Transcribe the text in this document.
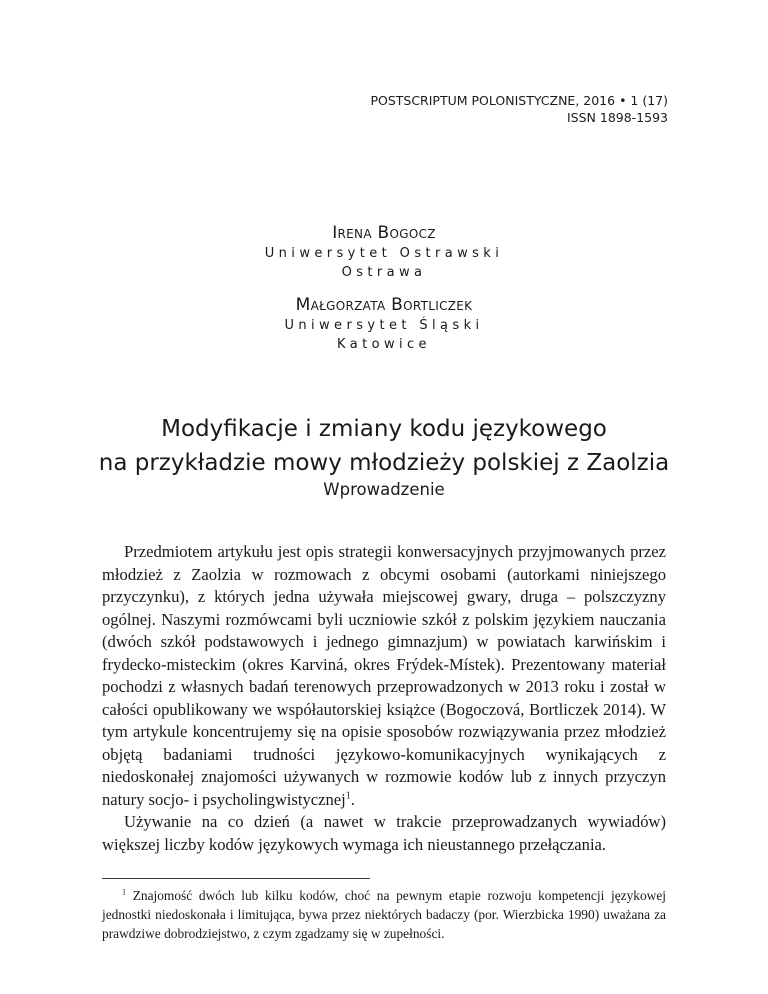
POSTSCRIPTUM POLONISTYCZNE, 2016 • 1 (17)
ISSN 1898-1593
Irena Bogocz
Uniwersytet Ostrawski
Ostrawa
Małgorzata Bortliczek
Uniwersytet Śląski
Katowice
Modyfikacje i zmiany kodu językowego
na przykładzie mowy młodzieży polskiej z Zaolzia
Wprowadzenie

Przedmiotem artykułu jest opis strategii konwersacyjnych przyjmowanych przez młodzież z Zaolzia w rozmowach z obcymi osobami (autorkami niniejszego przyczynku), z których jedna używała miejscowej gwary, druga – polszczyzny ogólnej. Naszymi rozmówcami byli uczniowie szkół z polskim językiem nauczania (dwóch szkół podstawowych i jednego gimnazjum) w powiatach karwińskim i frydecko-misteckim (okres Karviná, okres Frýdek-Místek). Prezentowany materiał pochodzi z własnych badań terenowych przeprowadzonych w 2013 roku i został w całości opublikowany we współautorskiej książce (Bogoczová, Bortliczek 2014). W tym artykule koncentrujemy się na opisie sposobów rozwiązywania przez młodzież objętą badaniami trudności językowo-komunikacyjnych wynikających z niedoskonałej znajomości używanych w rozmowie kodów lub z innych przyczyn natury socjo- i psycholingwistycznej$^1$.

Używanie na co dzień (a nawet w trakcie przeprowadzanych wywiadów) większej liczby kodów językowych wymaga ich nieustannego przełączania.

$^1$ Znajomość dwóch lub kilku kodów, choć na pewnym etapie rozwoju kompetencji językowej jednostki niedoskonała i limitująca, bywa przez niektórych badaczy (por. Wierzbicka 1990) uważana za prawdziwe dobrodziejstwo, z czym zgadzamy się w zupełności.
